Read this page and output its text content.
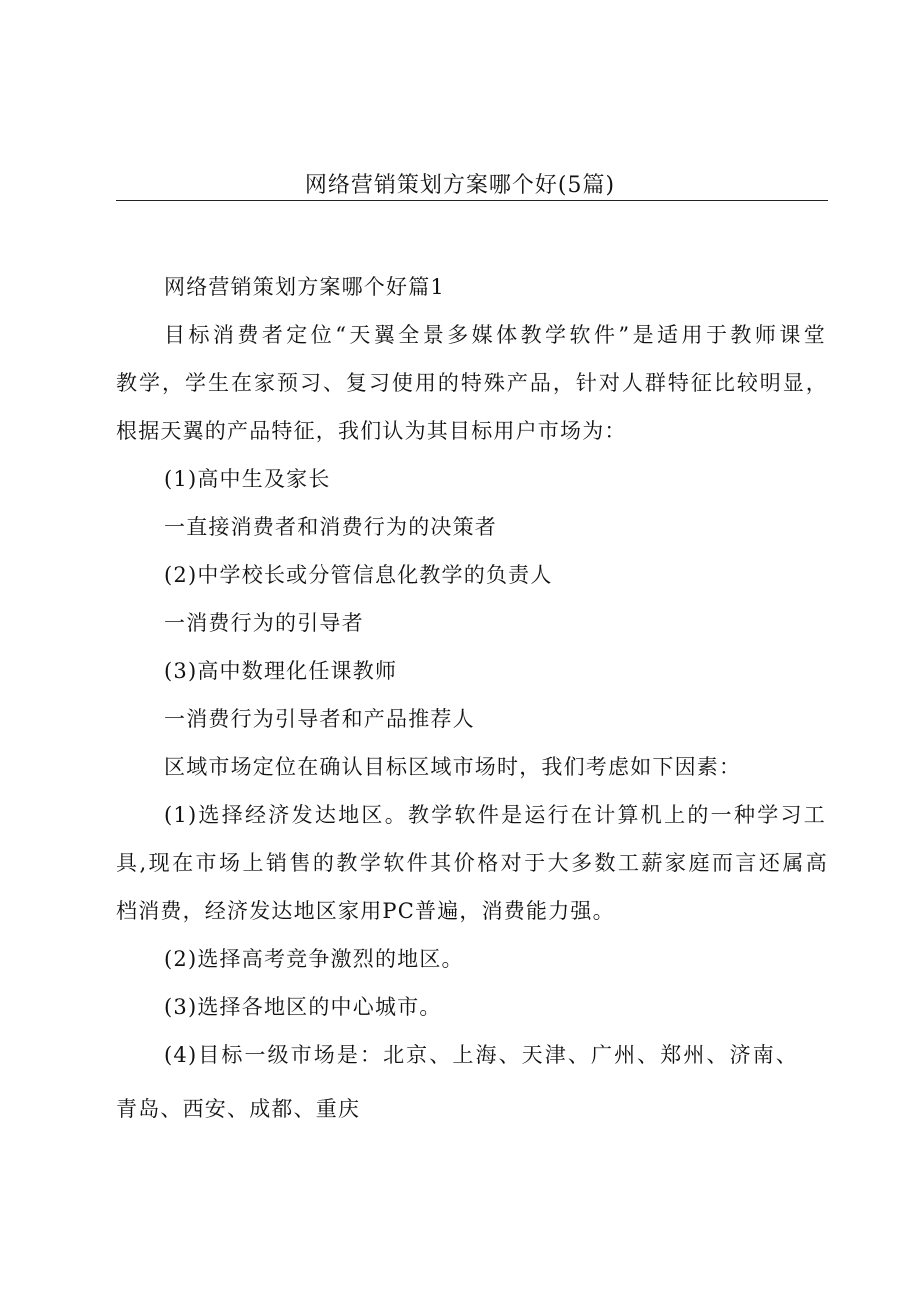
网络营销策划方案哪个好(5篇)
网络营销策划方案哪个好篇1
目标消费者定位“天翼全景多媒体教学软件”是适用于教师课堂
教学，学生在家预习、复习使用的特殊产品，针对人群特征比较明显，
根据天翼的产品特征，我们认为其目标用户市场为：
(1)高中生及家长
一直接消费者和消费行为的决策者
(2)中学校长或分管信息化教学的负责人
一消费行为的引导者
(3)高中数理化任课教师
一消费行为引导者和产品推荐人
区域市场定位在确认目标区域市场时，我们考虑如下因素：
(1)选择经济发达地区。教学软件是运行在计算机上的一种学习工
具,现在市场上销售的教学软件其价格对于大多数工薪家庭而言还属高
档消费，经济发达地区家用PC普遍，消费能力强。
(2)选择高考竞争激烈的地区。
(3)选择各地区的中心城市。
(4)目标一级市场是：北京、上海、天津、广州、郑州、济南、
青岛、西安、成都、重庆
